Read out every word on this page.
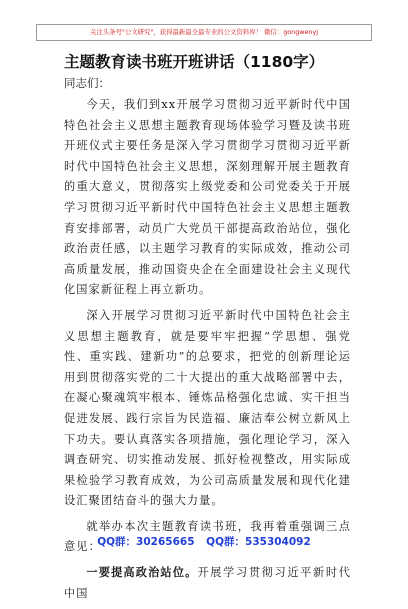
关注头条号"公文研究"，获得最新最全最专业的公文资料库！ 微信：gongwenyj
主题教育读书班开班讲话（1180字）
同志们：

今天，我们到xx开展学习贯彻习近平新时代中国特色社会主义思想主题教育现场体验学习暨及读书班开班仪式主要任务是深入学习贯彻学习贯彻习近平新时代中国特色社会主义思想，深刻理解开展主题教育的重大意义，贯彻落实上级党委和公司党委关于开展学习贯彻习近平新时代中国特色社会主义思想主题教育安排部署，动员广大党员干部提高政治站位，强化政治责任感，以主题学习教育的实际成效，推动公司高质量发展，推动国资央企在全面建设社会主义现代化国家新征程上再立新功。

深入开展学习贯彻习近平新时代中国特色社会主义思想主题教育，就是要牢牢把握“学思想、强党性、重实践、建新功”的总要求，把党的创新理论运用到贯彻落实党的二十大提出的重大战略部署中去，在凝心聚魂筑牢根本、锤炼品格强化忠诚、实干担当促进发展、践行宗旨为民造福、廉洁奉公树立新风上下功夫。要认真落实各项措施，强化理论学习，深入调查研究、切实推动发展、抓好检视整改，用实际成果检验学习教育成效，为公司高质量发展和现代化建设汇聚团结奋斗的强大力量。

就举办本次主题教育读书班，我再着重强调三点意见：

一要提高政治站位。开展学习贯彻习近平新时代中国

QQ群：30265665 QQ群：535304092
